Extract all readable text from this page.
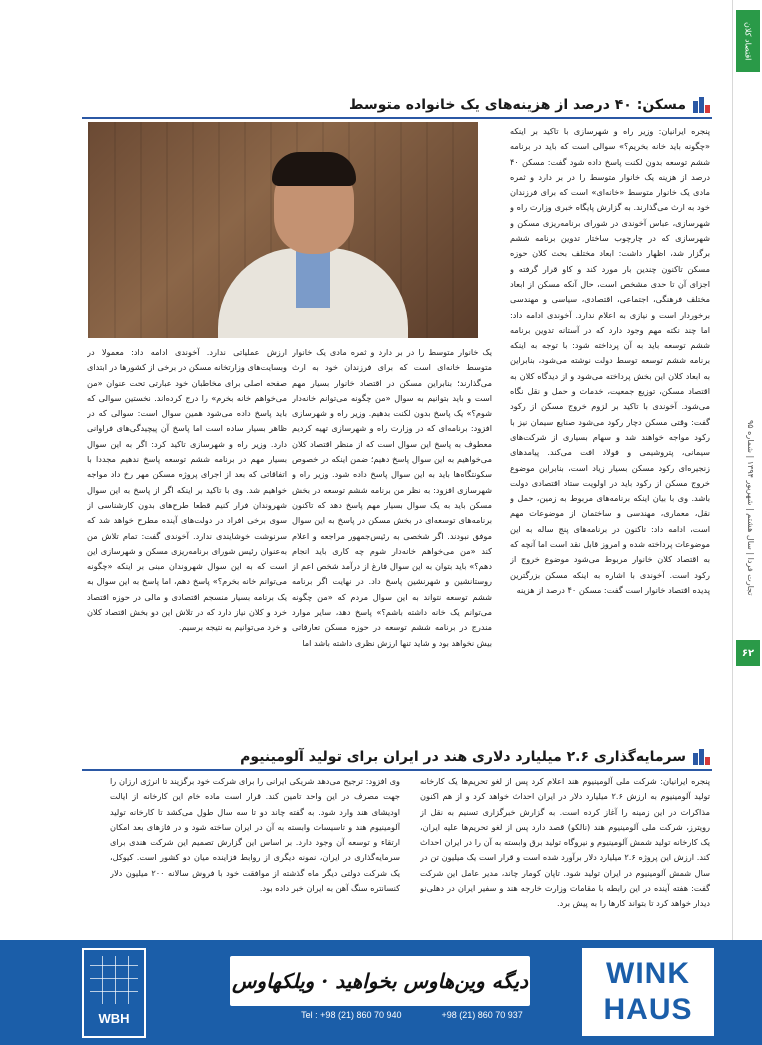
اقتصاد کلان
تجارت فردا | سال هشتم | شهریور ۱۳۹۴ | شماره ۹۵
۶۲
مسکن: ۴۰ درصد از هزینه‌های یک خانواده متوسط

پنجره ایرانیان: وزیر راه و شهرسازی با تاکید بر اینکه «چگونه باید خانه بخریم؟» سوالی است که باید در برنامه ششم توسعه بدون لکنت پاسخ داده شود گفت: مسکن ۴۰ درصد از هزینه یک خانوار متوسط را در بر دارد و ثمره مادی یک خانوار متوسط «خانه‌ای» است که برای فرزندان خود به ارث می‌گذارند. به گزارش پایگاه خبری وزارت راه و شهرسازی، عباس آخوندی در شورای برنامه‌ریزی مسکن و شهرسازی که در چارچوب ساختار تدوین برنامه ششم برگزار شد، اظهار داشت: ابعاد مختلف بحث کلان حوزه مسکن تاکنون چندین بار مورد کند و کاو قرار گرفته و اجزای آن تا حدی مشخص است، حال آنکه مسکن از ابعاد مختلف فرهنگی، اجتماعی، اقتصادی، سیاسی و مهندسی برخوردار است و نیازی به اعلام ندارد. آخوندی ادامه داد: اما چند نکته مهم وجود دارد که در آستانه تدوین برنامه ششم توسعه باید به آن پرداخته شود: با توجه به اینکه برنامه ششم توسعه توسط دولت نوشته می‌شود، بنابراین به ابعاد کلان این بخش پرداخته می‌شود و از دیدگاه کلان به اقتصاد مسکن، توزیع جمعیت، خدمات و حمل و نقل نگاه می‌شود. آخوندی با تاکید بر لزوم خروج مسکن از رکود گفت: وقتی مسکن دچار رکود می‌شود صنایع سیمان نیز با رکود مواجه خواهند شد و سهام بسیاری از شرکت‌های سیمانی، پتروشیمی و فولاد افت می‌کند. پیامدهای زنجیره‌ای رکود مسکن بسیار زیاد است، بنابراین موضوع خروج مسکن از رکود باید در اولویت ستاد اقتصادی دولت باشد. وی با بیان اینکه برنامه‌های مربوط به زمین، حمل و نقل، معماری، مهندسی و ساختمان از موضوعات مهم است، ادامه داد: تاکنون در برنامه‌های پنج ساله به این موضوعات پرداخته شده و امروز قابل نقد است اما آنچه که به اقتصاد کلان خانوار مربوط می‌شود موضوع خروج از رکود است. آخوندی با اشاره به اینکه مسکن بزرگترین پدیده اقتصاد خانوار است گفت: مسکن ۴۰ درصد از هزینه

یک خانوار متوسط را در بر دارد و ثمره مادی یک خانوار متوسط خانه‌ای است که برای فرزندان خود به ارث می‌گذارند؛ بنابراین مسکن در اقتصاد خانوار بسیار مهم است و باید بتوانیم به سوال «من چگونه می‌توانم خانه‌دار شوم؟» یک پاسخ بدون لکنت بدهیم. وزیر راه و شهرسازی افزود: برنامه‌ای که در وزارت راه و شهرسازی تهیه کردیم معطوف به پاسخ این سوال است که از منظر اقتصاد کلان می‌خواهیم به این سوال پاسخ دهیم؛ ضمن اینکه در خصوص سکونتگاه‌ها باید به این سوال پاسخ داده شود. وزیر راه و شهرسازی افزود: به نظر من برنامه ششم توسعه در بخش مسکن باید به یک سوال بسیار مهم پاسخ دهد که تاکنون برنامه‌های توسعه‌ای در بخش مسکن در پاسخ به این سوال موفق نبودند. اگر شخصی به رئیس‌جمهور مراجعه و اعلام کند «من می‌خواهم خانه‌دار شوم چه کاری باید انجام دهم؟» باید بتوان به این سوال فارغ از درآمد شخص اعم از روستانشین و شهرنشین پاسخ داد. در نهایت اگر برنامه ششم توسعه نتواند به این سوال مردم که «من چگونه می‌توانم یک خانه داشته باشم؟» پاسخ دهد، سایر موارد مندرج در برنامه ششم توسعه در حوزه مسکن تعارفاتی بیش نخواهد بود و شاید تنها ارزش نظری داشته باشد اما

ارزش عملیاتی ندارد. آخوندی ادامه داد: معمولا در وبسایت‌های وزارتخانه مسکن در برخی از کشورها در ابتدای صفحه اصلی برای مخاطبان خود عبارتی تحت عنوان «من می‌خواهم خانه بخرم» را درج کرده‌اند. نخستین سوالی که باید پاسخ داده می‌شود همین سوال است: سوالی که در ظاهر بسیار ساده است اما پاسخ آن پیچیدگی‌های فراوانی دارد. وزیر راه و شهرسازی تاکید کرد: اگر به این سوال بسیار مهم در برنامه ششم توسعه پاسخ ندهیم مجددا با اتفاقاتی که بعد از اجرای پروژه مسکن مهر رخ داد مواجه خواهیم شد. وی با تاکید بر اینکه اگر از پاسخ به این سوال شهروندان فرار کنیم قطعا طرح‌های بدون کارشناسی از سوی برخی افراد در دولت‌های آینده مطرح خواهد شد که سرنوشت خوشایندی ندارد. آخوندی گفت: تمام تلاش من به‌عنوان رئیس شورای برنامه‌ریزی مسکن و شهرسازی این است که به این سوال شهروندان مبنی بر اینکه «چگونه می‌توانم خانه بخرم؟» پاسخ دهم، اما پاسخ به این سوال به یک برنامه بسیار منسجم اقتصادی و مالی در حوزه اقتصاد خرد و کلان نیاز دارد که در تلاش این دو بخش اقتصاد کلان و خرد می‌توانیم به نتیجه برسیم.

سرمایه‌گذاری ۲.۶ میلیارد دلاری هند در ایران برای تولید آلومینیوم

پنجره ایرانیان: شرکت ملی آلومینیوم هند اعلام کرد پس از لغو تحریم‌ها یک کارخانه تولید آلومینیوم به ارزش ۲.۶ میلیارد دلار در ایران احداث خواهد کرد و از هم اکنون مذاکرات در این زمینه را آغاز کرده است. به گزارش خبرگزاری تسنیم به نقل از رویترز، شرکت ملی آلومینیوم هند (نالکو) قصد دارد پس از لغو تحریم‌ها علیه ایران، یک کارخانه تولید شمش آلومینیوم و نیروگاه تولید برق وابسته به آن را در ایران احداث کند. ارزش این پروژه ۲.۶ میلیارد دلار برآورد شده است و قرار است یک میلیون تن در سال شمش آلومینیوم در ایران تولید شود. تاپان کومار چاند، مدیر عامل این شرکت گفت: هفته آینده در این رابطه با مقامات وزارت خارجه هند و سفیر ایران در دهلی‌نو دیدار خواهد کرد تا بتواند کارها را به پیش برد.

وی افزود: ترجیح می‌دهد شریکی ایرانی را برای شرکت خود برگزیند تا انرژی ارزان را جهت مصرف در این واحد تامین کند. قرار است ماده خام این کارخانه از ایالت اودیشای هند وارد شود. به گفته چاند دو تا سه سال طول می‌کشد تا کارخانه تولید آلومینیوم هند و تاسیسات وابسته به آن در ایران ساخته شود و در فازهای بعد امکان ارتقاء و توسعه آن وجود دارد. بر اساس این گزارش تصمیم این شرکت هندی برای سرمایه‌گذاری در ایران، نمونه دیگری از روابط فزاینده میان دو کشور است. کیوکل، یک شرکت دولتی دیگر ماه گذشته از موافقت خود با فروش سالانه ۲۰۰ میلیون دلار کنسانتره سنگ آهن به ایران خبر داده بود.

WBH
دیگه وین‌هاوس بخواهید · ویلکهاوس
Tel : +98 (21) 860 70 940	+98 (21) 860 70 937
WINK
HAUS
